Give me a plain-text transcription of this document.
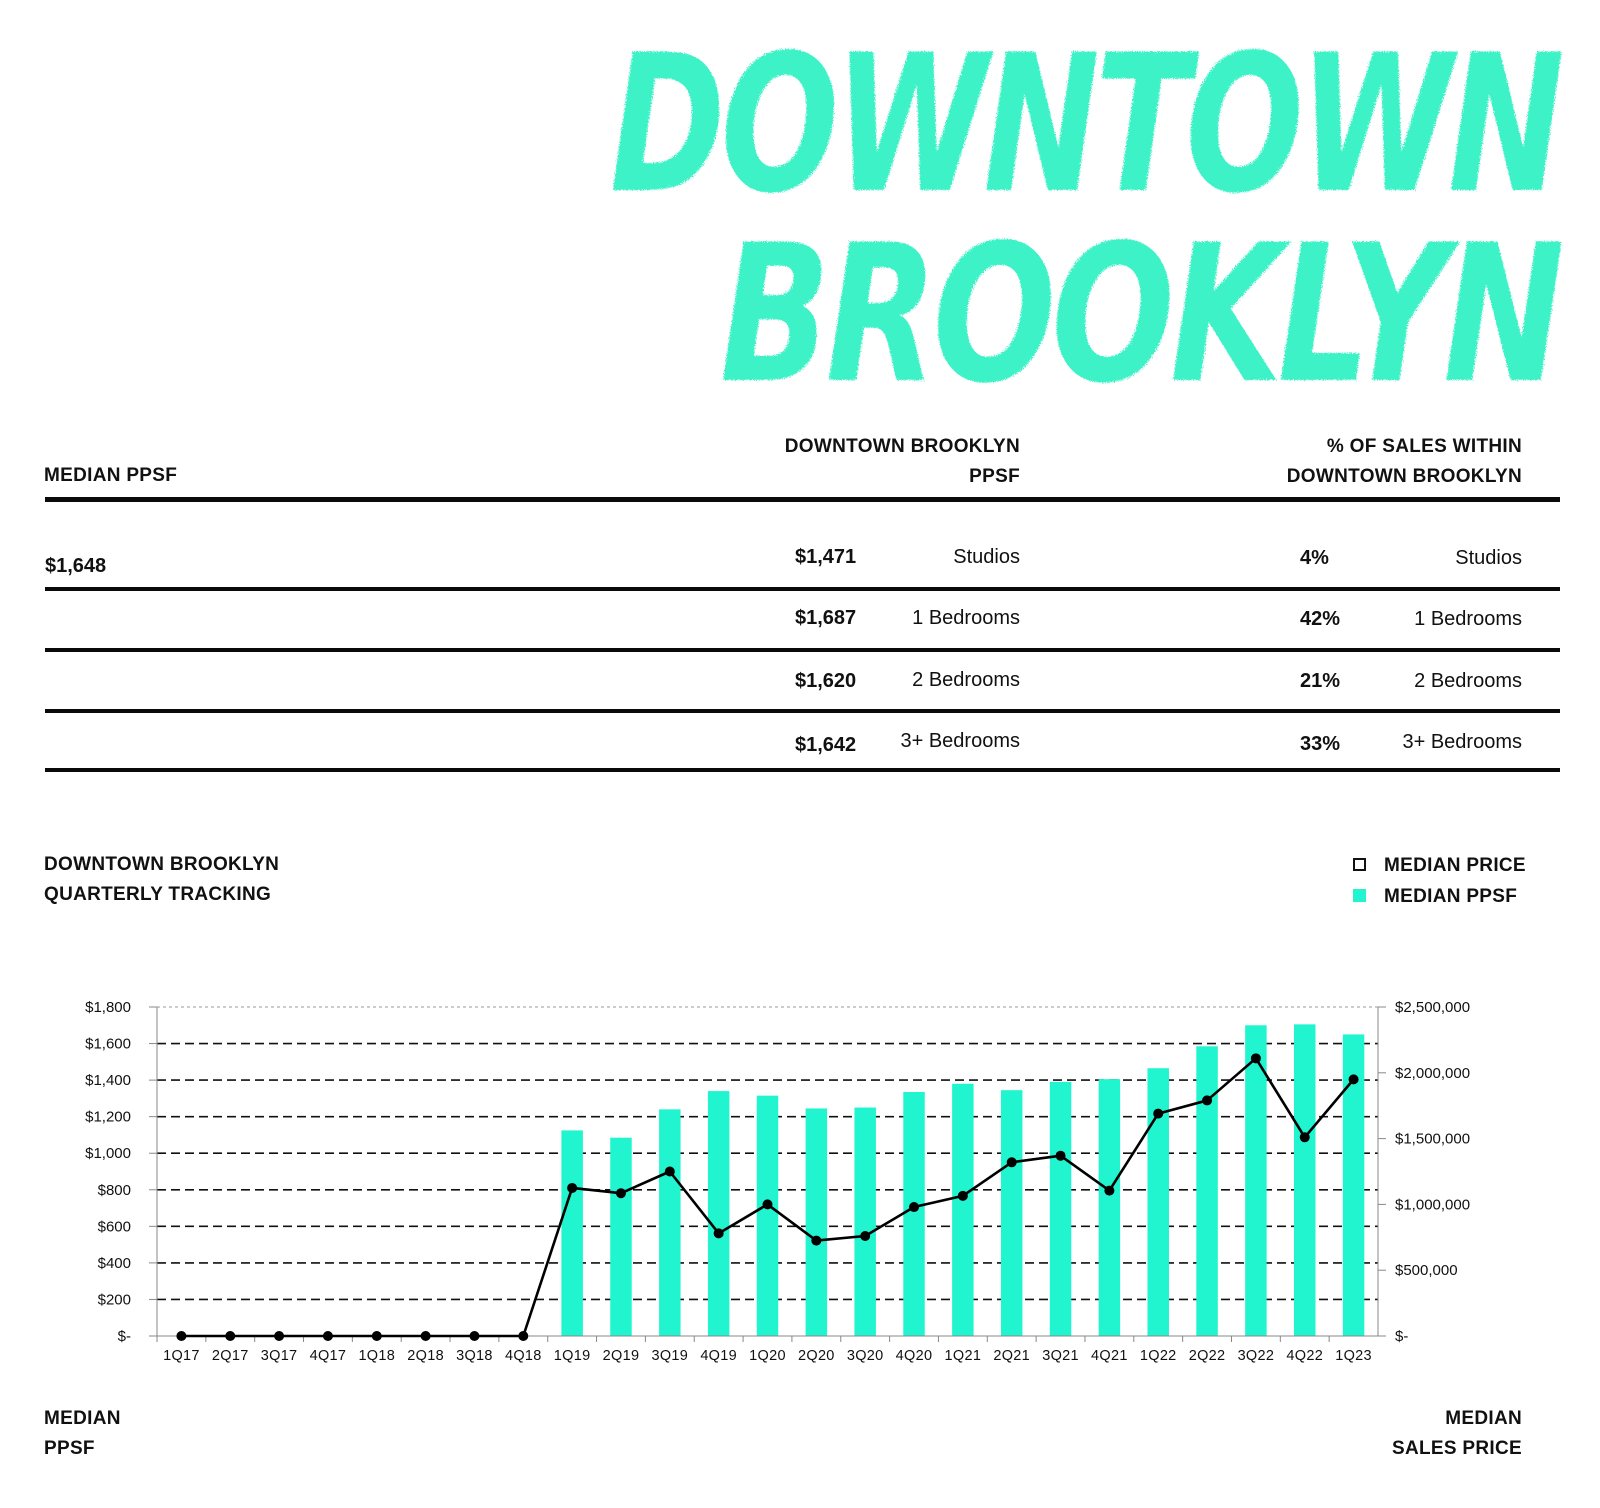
DOWNTOWN
BROOKLYN
MEDIAN PPSF
DOWNTOWN BROOKLYN
PPSF
% OF SALES WITHIN
DOWNTOWN BROOKLYN
$1,648	$1,471	Studios	4%	Studios
$1,687	1 Bedrooms	42%	1 Bedrooms
$1,620	2 Bedrooms	21%	2 Bedrooms
$1,642	3+ Bedrooms	33%	3+ Bedrooms
DOWNTOWN BROOKLYN
QUARTERLY TRACKING
MEDIAN PRICE
MEDIAN PPSF
$-
$200
$400
$600
$800
$1,000
$1,200
$1,400
$1,600
$1,800
$-
$500,000
$1,000,000
$1,500,000
$2,000,000
$2,500,000
1Q17 2Q17 3Q17 4Q17 1Q18 2Q18 3Q18 4Q18 1Q19 2Q19 3Q19 4Q19 1Q20 2Q20 3Q20 4Q20 1Q21 2Q21 3Q21 4Q21 1Q22 2Q22 3Q22 4Q22 1Q23
MEDIAN
PPSF
MEDIAN
SALES PRICE
